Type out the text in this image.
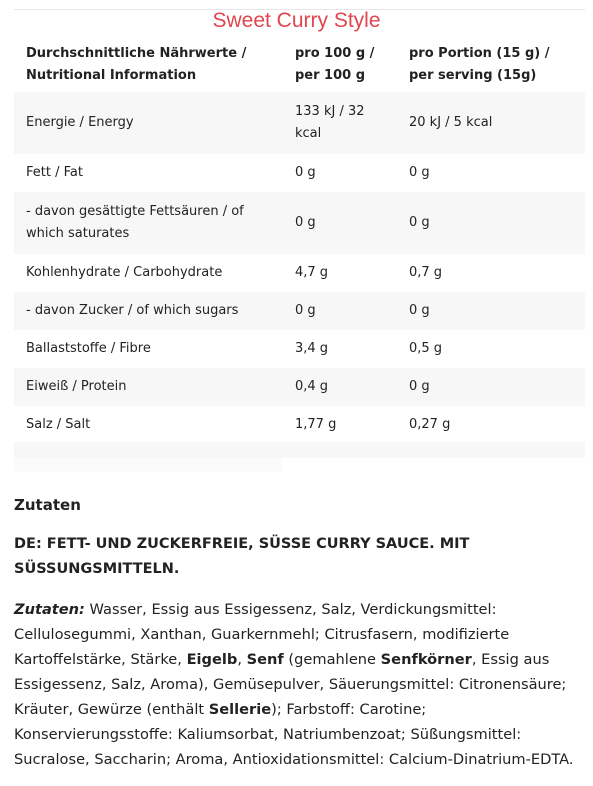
Sweet Curry Style
Durchschnittliche Nährwerte / Nutritional Information	pro 100 g / per 100 g	pro Portion (15 g) / per serving (15g)
Energie / Energy	133 kJ / 32 kcal	20 kJ / 5 kcal
Fett / Fat	0 g	0 g
- davon gesättigte Fettsäuren / of which saturates	0 g	0 g
Kohlenhydrate / Carbohydrate	4,7 g	0,7 g
- davon Zucker / of which sugars	0 g	0 g
Ballaststoffe / Fibre	3,4 g	0,5 g
Eiweiß / Protein	0,4 g	0 g
Salz / Salt	1,77 g	0,27 g
Zutaten

DE: FETT- UND ZUCKERFREIE, SÜSSE CURRY SAUCE. MIT SÜSSUNGSMITTELN.

Zutaten: Wasser, Essig aus Essigessenz, Salz, Verdickungsmittel: Cellulosegummi, Xanthan, Guarkernmehl; Citrusfasern, modifizierte Kartoffelstärke, Stärke, Eigelb, Senf (gemahlene Senfkörner, Essig aus Essigessenz, Salz, Aroma), Gemüsepulver, Säuerungsmittel: Citronensäure; Kräuter, Gewürze (enthält Sellerie); Farbstoff: Carotine; Konservierungsstoffe: Kaliumsorbat, Natriumbenzoat; Süßungsmittel: Sucralose, Saccharin; Aroma, Antioxidationsmittel: Calcium-Dinatrium-EDTA.
